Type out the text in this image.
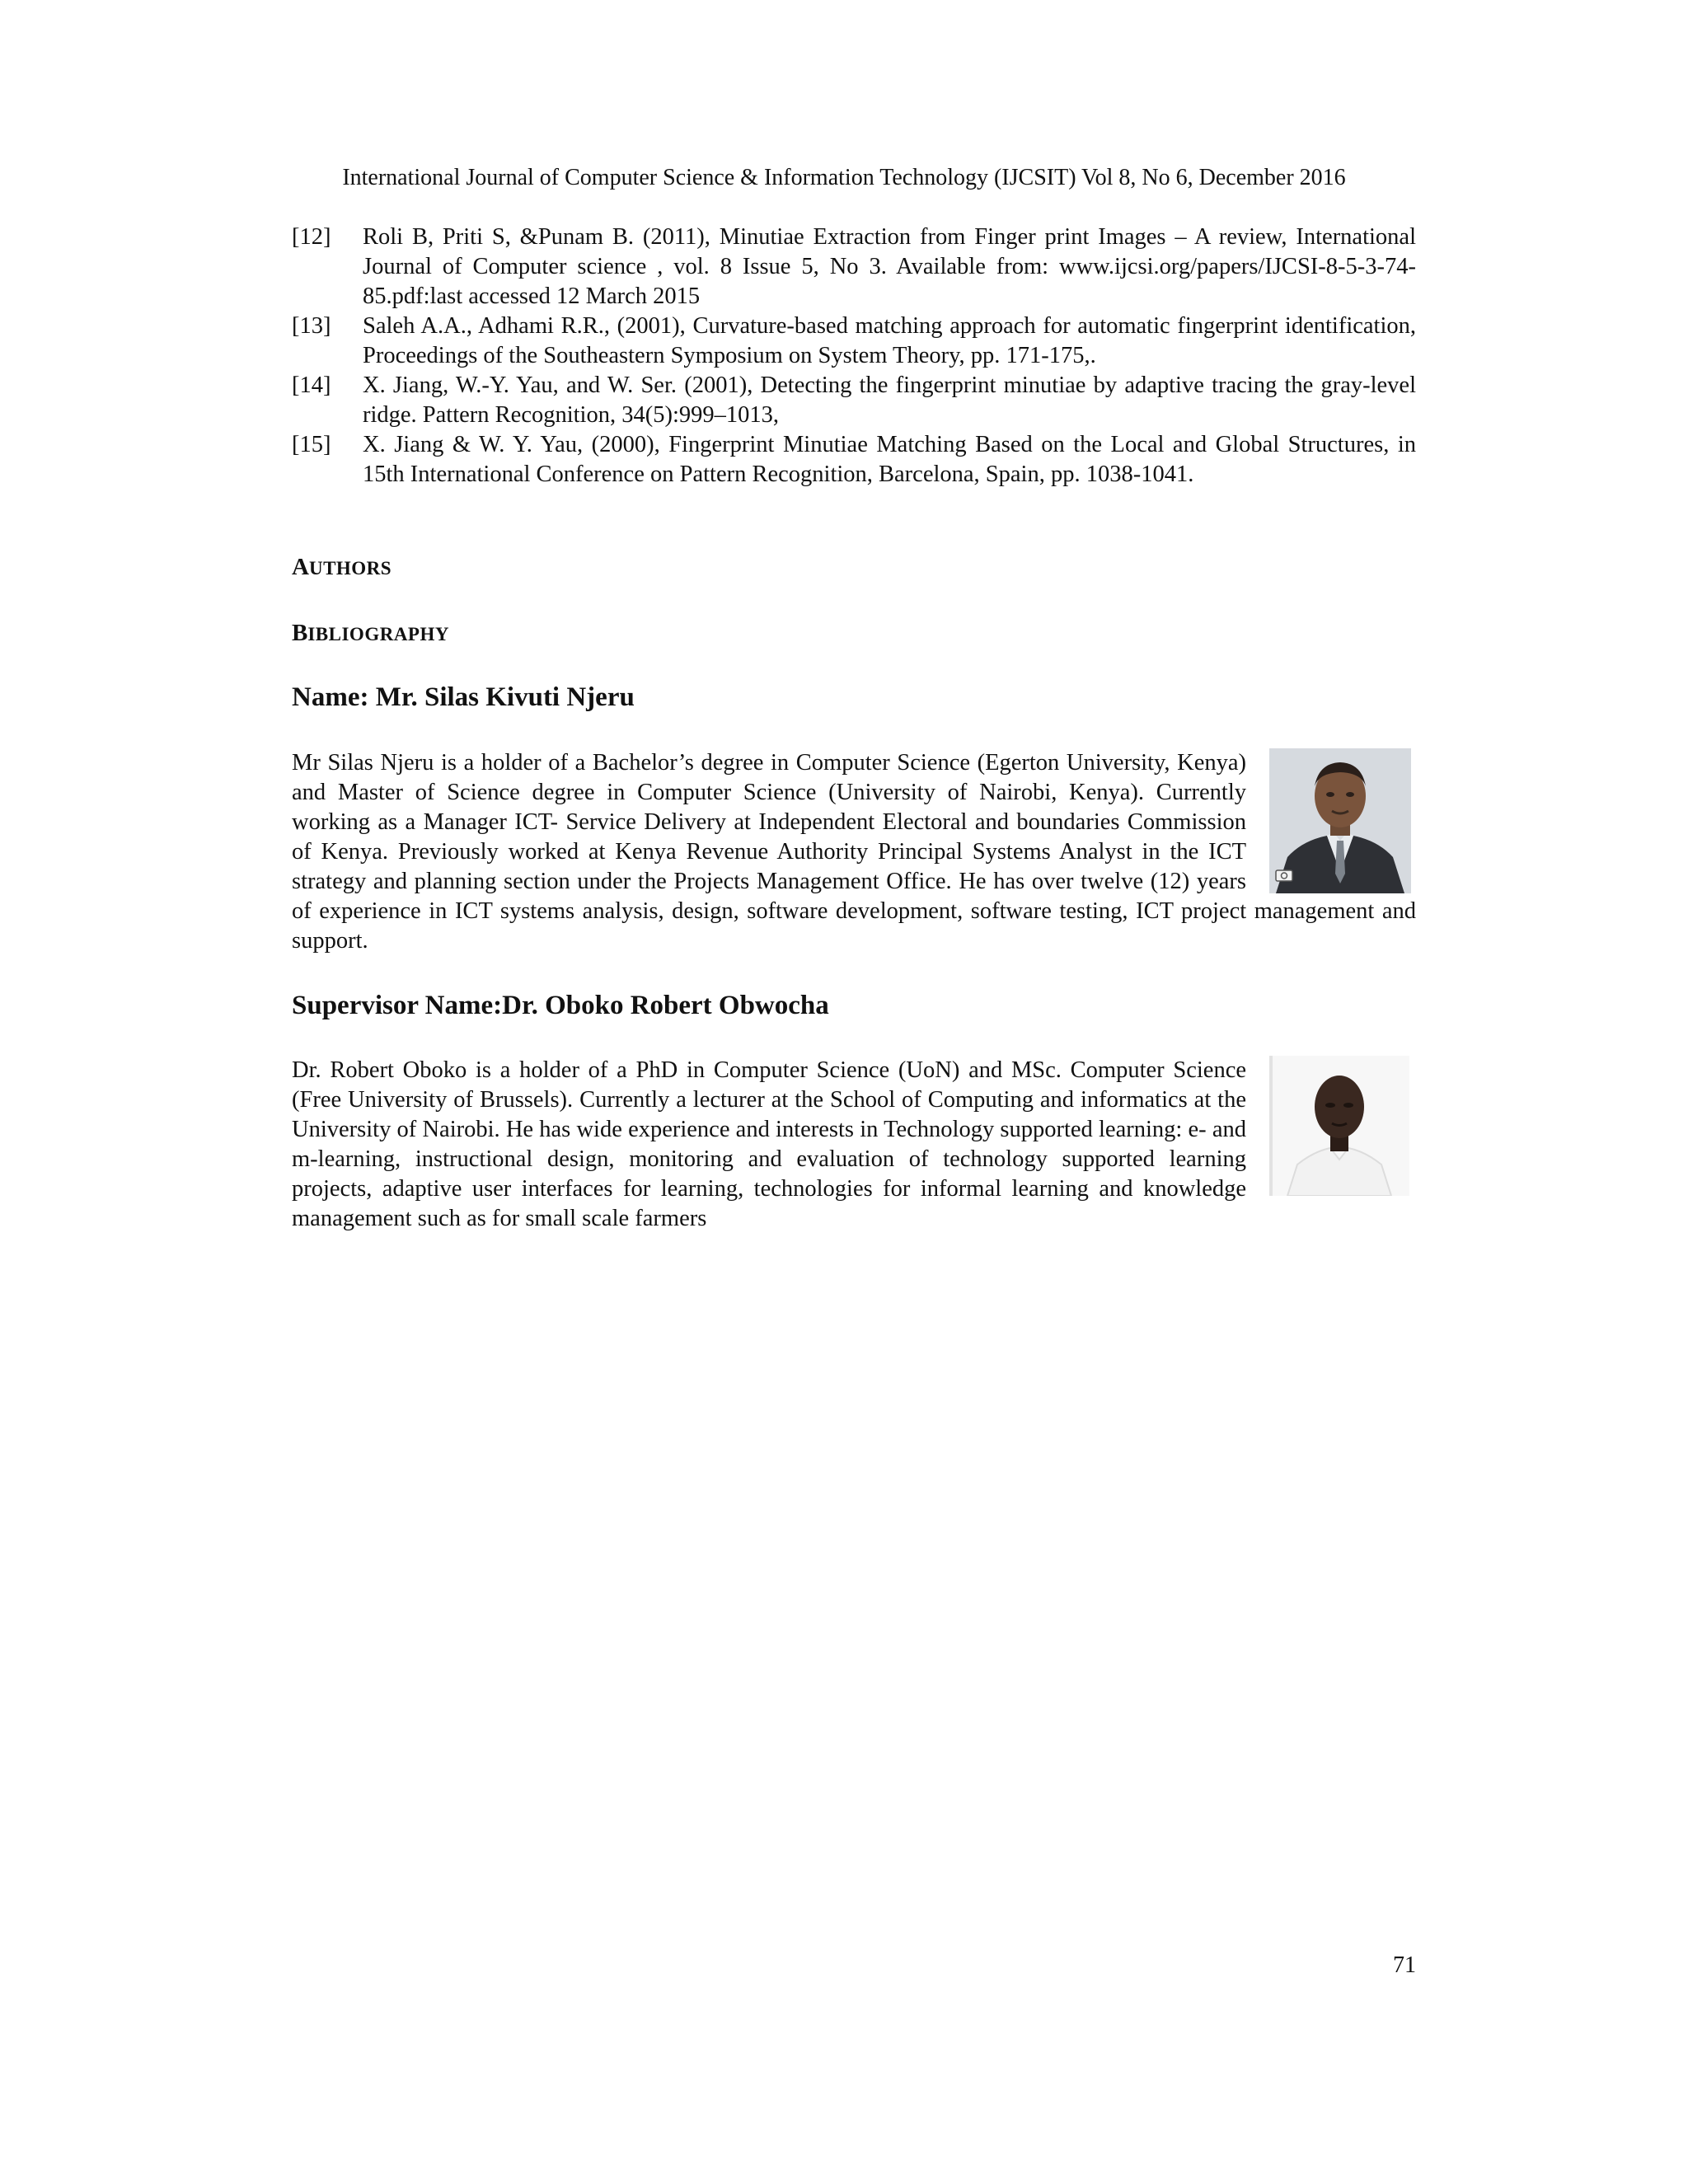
International Journal of Computer Science & Information Technology (IJCSIT) Vol 8, No 6, December 2016
[12]	Roli B, Priti S, &Punam B. (2011), Minutiae Extraction from Finger print Images – A review, International Journal of Computer science , vol. 8 Issue 5, No 3. Available from: www.ijcsi.org/papers/IJCSI-8-5-3-74-85.pdf:last accessed 12 March 2015
[13]	Saleh A.A., Adhami R.R., (2001), Curvature-based matching approach for automatic fingerprint identification, Proceedings of the Southeastern Symposium on System Theory, pp. 171-175,.
[14]	X. Jiang, W.-Y. Yau, and W. Ser. (2001), Detecting the fingerprint minutiae by adaptive tracing the gray-level ridge. Pattern Recognition, 34(5):999–1013,
[15]	X. Jiang & W. Y. Yau, (2000), Fingerprint Minutiae Matching Based on the Local and Global Structures, in 15th International Conference on Pattern Recognition, Barcelona, Spain, pp. 1038-1041.
AUTHORS
BIBLIOGRAPHY
Name: Mr. Silas Kivuti Njeru

Mr Silas Njeru is a holder of a Bachelor’s degree in Computer Science (Egerton University, Kenya) and Master of Science degree in Computer Science (University of Nairobi, Kenya). Currently working as a Manager ICT- Service Delivery at Independent Electoral and boundaries Commission of Kenya. Previously worked at Kenya Revenue Authority Principal Systems Analyst in the ICT strategy and planning section under the Projects Management Office. He has over twelve (12) years of experience in ICT systems analysis, design, software development, software testing, ICT project management and support.

Supervisor Name:Dr. Oboko Robert Obwocha

Dr. Robert Oboko is a holder of a PhD in Computer Science (UoN) and MSc. Computer Science (Free University of Brussels). Currently a lecturer at the School of Computing and informatics at the University of Nairobi. He has wide experience and interests in Technology supported learning: e- and m-learning, instructional design, monitoring and evaluation of technology supported learning projects, adaptive user interfaces for learning, technologies for informal learning and knowledge management such as for small scale farmers

71
